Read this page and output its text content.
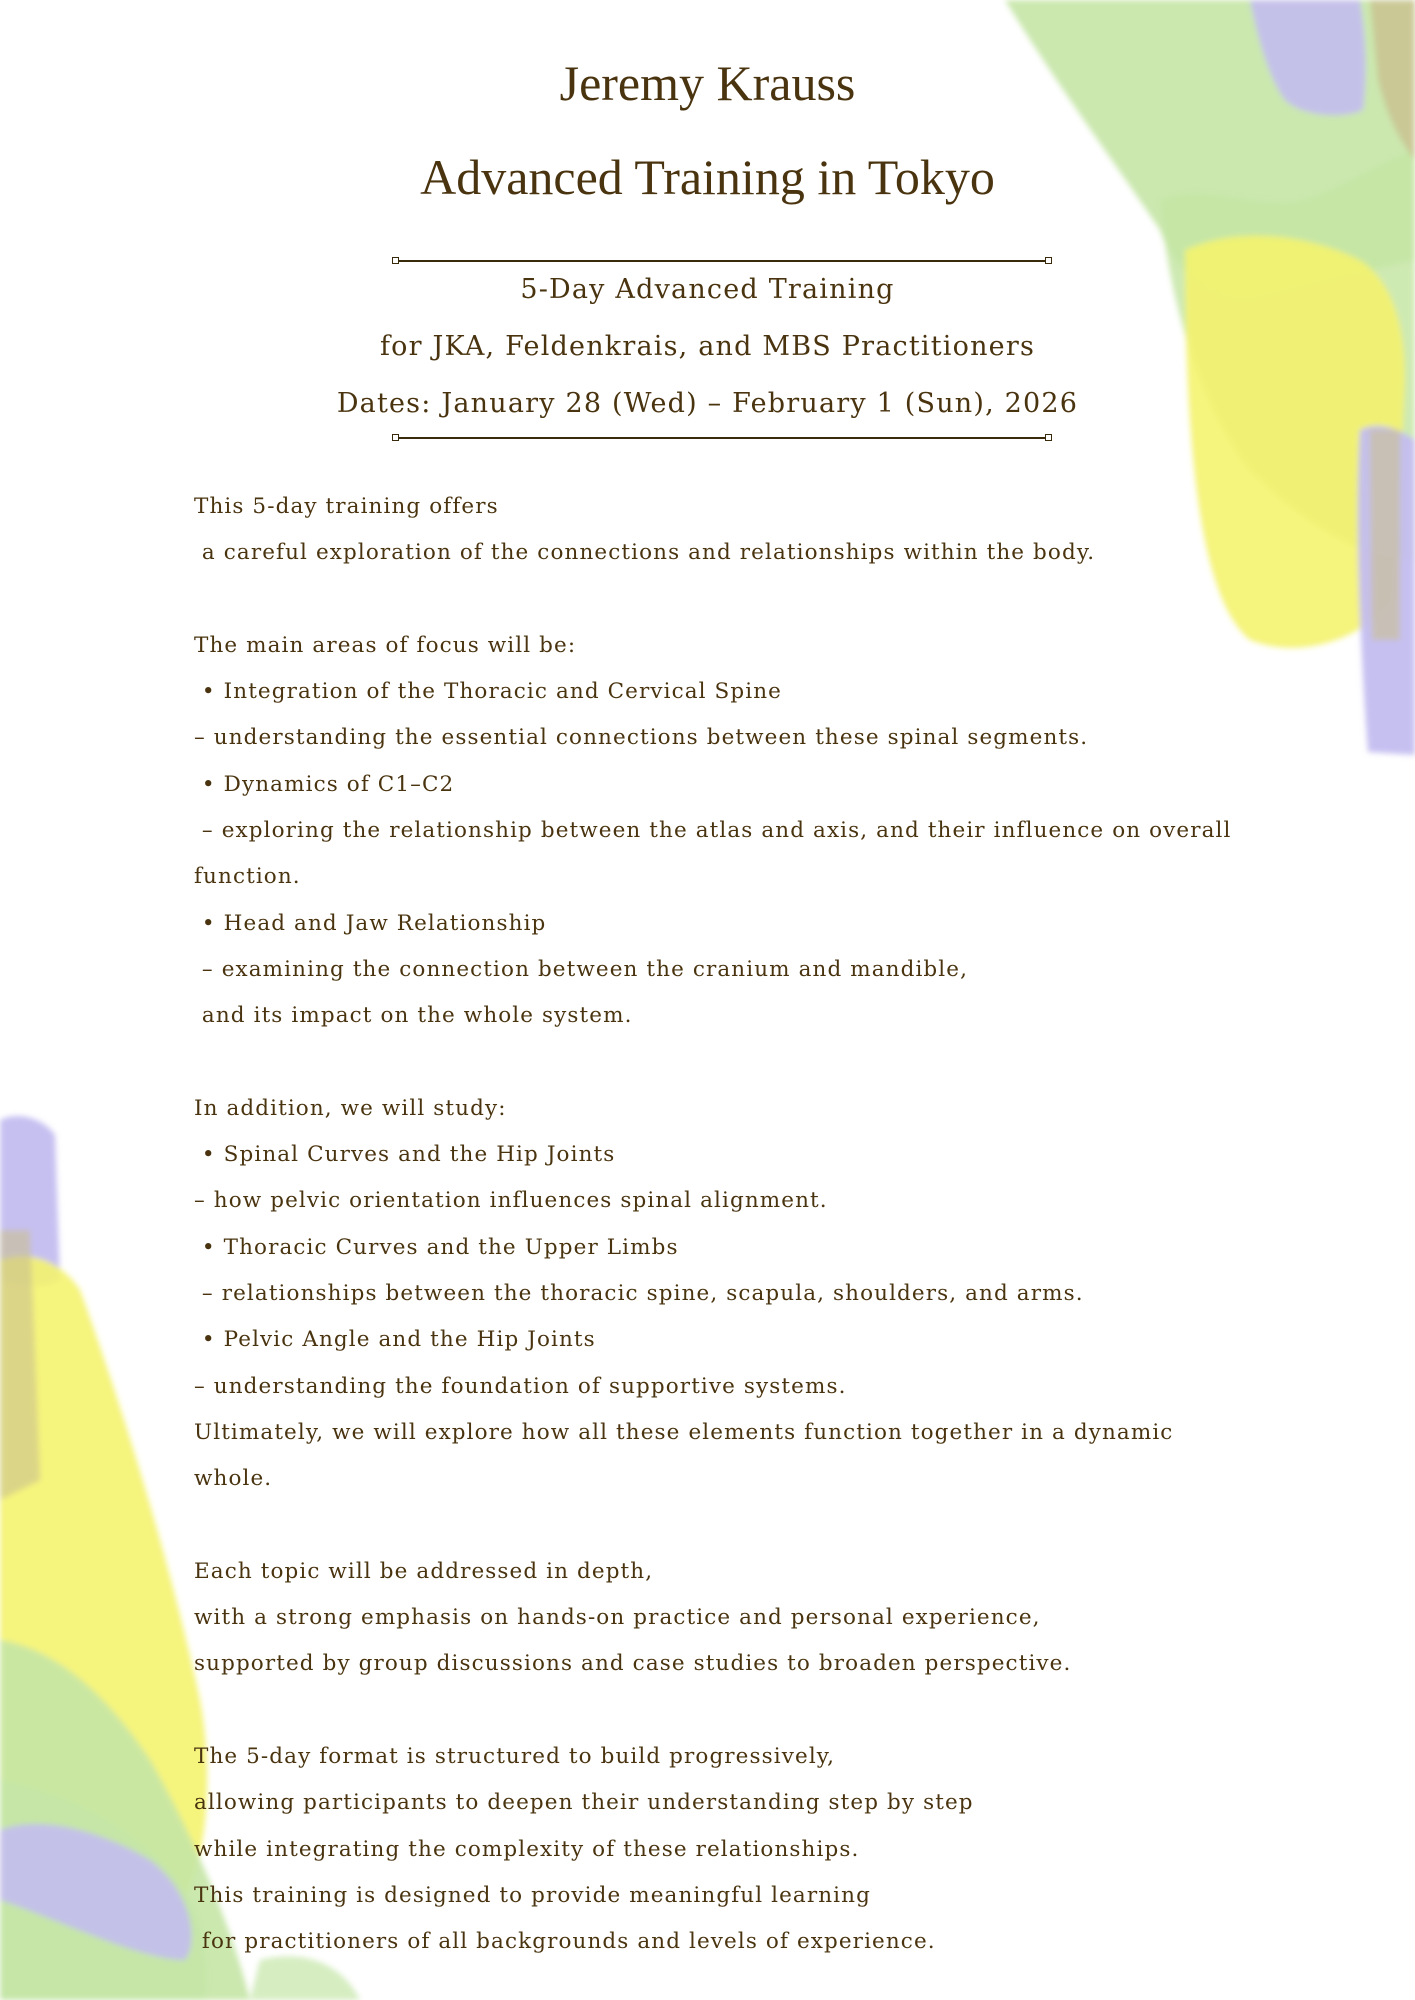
Jeremy Krauss
Advanced Training in Tokyo
5-Day Advanced Training
for JKA, Feldenkrais, and MBS Practitioners
Dates: January 28 (Wed) – February 1 (Sun), 2026
This 5-day training offers
a careful exploration of the connections and relationships within the body.
The main areas of focus will be:
• Integration of the Thoracic and Cervical Spine
– understanding the essential connections between these spinal segments.
• Dynamics of C1–C2
– exploring the relationship between the atlas and axis, and their influence on overall
function.
• Head and Jaw Relationship
– examining the connection between the cranium and mandible,
and its impact on the whole system.
In addition, we will study:
• Spinal Curves and the Hip Joints
– how pelvic orientation influences spinal alignment.
• Thoracic Curves and the Upper Limbs
– relationships between the thoracic spine, scapula, shoulders, and arms.
• Pelvic Angle and the Hip Joints
– understanding the foundation of supportive systems.
Ultimately, we will explore how all these elements function together in a dynamic
whole.
Each topic will be addressed in depth,
with a strong emphasis on hands-on practice and personal experience,
supported by group discussions and case studies to broaden perspective.
The 5-day format is structured to build progressively,
allowing participants to deepen their understanding step by step
while integrating the complexity of these relationships.
This training is designed to provide meaningful learning
for practitioners of all backgrounds and levels of experience.
